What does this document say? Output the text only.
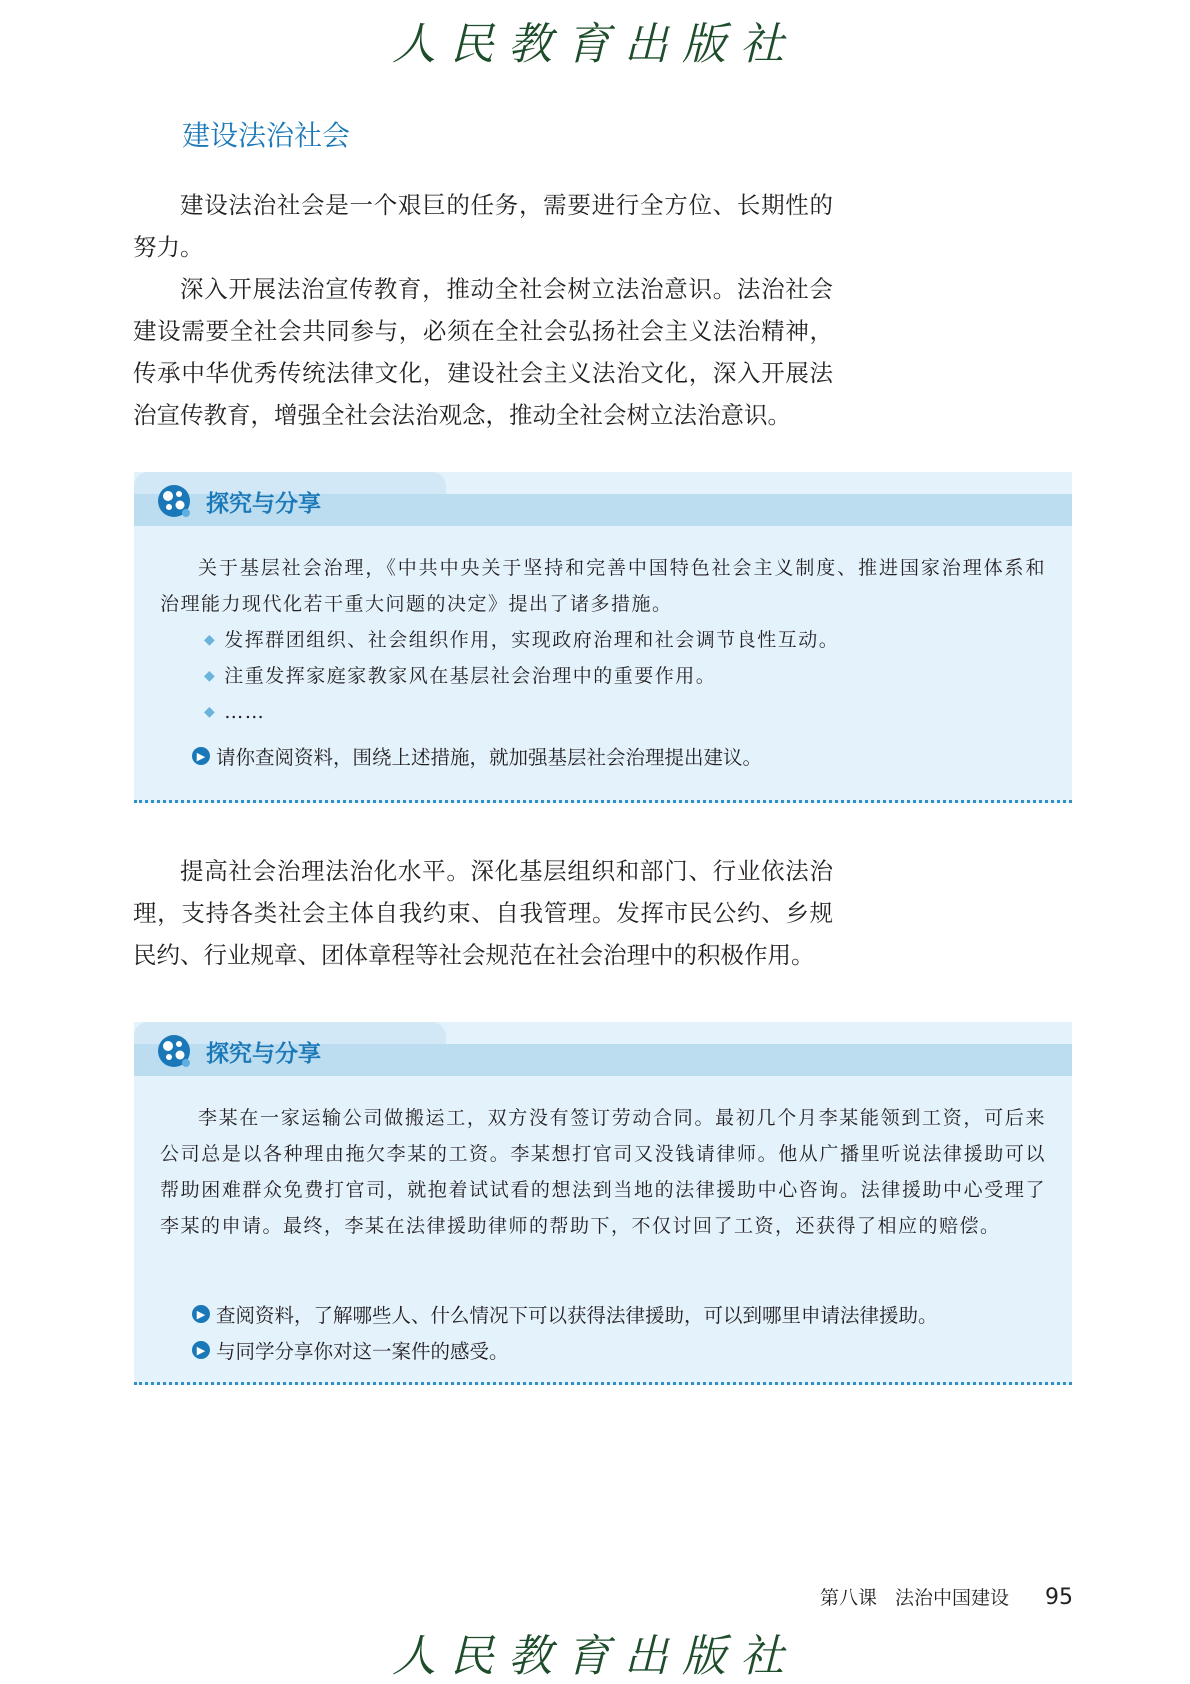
人民教育出版社
建设法治社会

建设法治社会是一个艰巨的任务，需要进行全方位、长期性的努力。

深入开展法治宣传教育，推动全社会树立法治意识。法治社会建设需要全社会共同参与，必须在全社会弘扬社会主义法治精神，传承中华优秀传统法律文化，建设社会主义法治文化，深入开展法治宣传教育，增强全社会法治观念，推动全社会树立法治意识。

探究与分享

关于基层社会治理，《中共中央关于坚持和完善中国特色社会主义制度、推进国家治理体系和治理能力现代化若干重大问题的决定》提出了诸多措施。

◆ 发挥群团组织、社会组织作用，实现政府治理和社会调节良性互动。
◆ 注重发挥家庭家教家风在基层社会治理中的重要作用。
◆ ……
▶ 请你查阅资料，围绕上述措施，就加强基层社会治理提出建议。

提高社会治理法治化水平。深化基层组织和部门、行业依法治理，支持各类社会主体自我约束、自我管理。发挥市民公约、乡规民约、行业规章、团体章程等社会规范在社会治理中的积极作用。

探究与分享

李某在一家运输公司做搬运工，双方没有签订劳动合同。最初几个月李某能领到工资，可后来公司总是以各种理由拖欠李某的工资。李某想打官司又没钱请律师。他从广播里听说法律援助可以帮助困难群众免费打官司，就抱着试试看的想法到当地的法律援助中心咨询。法律援助中心受理了李某的申请。最终，李某在法律援助律师的帮助下，不仅讨回了工资，还获得了相应的赔偿。

▶ 查阅资料，了解哪些人、什么情况下可以获得法律援助，可以到哪里申请法律援助。
▶ 与同学分享你对这一案件的感受。
第八课 法治中国建设 95
人民教育出版社
